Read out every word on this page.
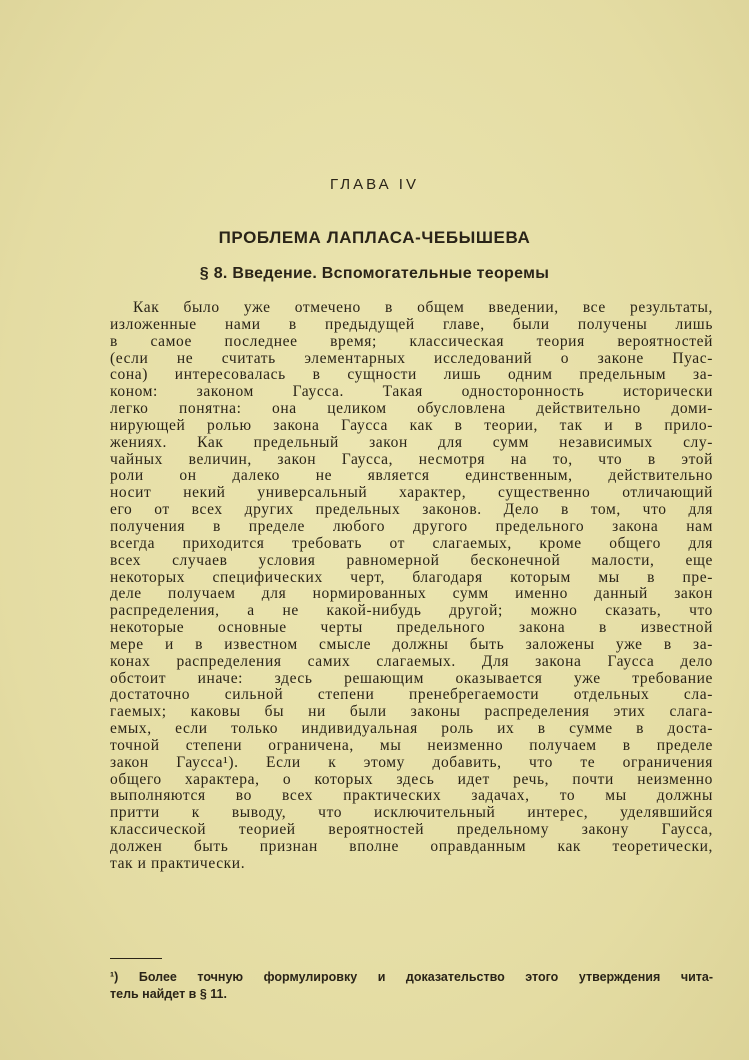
ГЛАВА IV
ПРОБЛЕМА ЛАПЛАСА-ЧЕБЫШЕВА
§ 8. Введение. Вспомогательные теоремы
Как было уже отмечено в общем введении, все результаты,
изложенные нами в предыдущей главе, были получены лишь
в самое последнее время; классическая теория вероятностей
(если не считать элементарных исследований о законе Пуас-
сона) интересовалась в сущности лишь одним предельным за-
коном: законом Гаусса. Такая односторонность исторически
легко понятна: она целиком обусловлена действительно доми-
нирующей ролью закона Гаусса как в теории, так и в прило-
жениях. Как предельный закон для сумм независимых слу-
чайных величин, закон Гаусса, несмотря на то, что в этой
роли он далеко не является единственным, действительно
носит некий универсальный характер, существенно отличающий
его от всех других предельных законов. Дело в том, что для
получения в пределе любого другого предельного закона нам
всегда приходится требовать от слагаемых, кроме общего для
всех случаев условия равномерной бесконечной малости, еще
некоторых специфических черт, благодаря которым мы в пре-
деле получаем для нормированных сумм именно данный закон
распределения, а не какой-нибудь другой; можно сказать, что
некоторые основные черты предельного закона в известной
мере и в известном смысле должны быть заложены уже в за-
конах распределения самих слагаемых. Для закона Гаусса дело
обстоит иначе: здесь решающим оказывается уже требование
достаточно сильной степени пренебрегаемости отдельных сла-
гаемых; каковы бы ни были законы распределения этих слага-
емых, если только индивидуальная роль их в сумме в доста-
точной степени ограничена, мы неизменно получаем в пределе
закон Гаусса¹). Если к этому добавить, что те ограничения
общего характера, о которых здесь идет речь, почти неизменно
выполняются во всех практических задачах, то мы должны
притти к выводу, что исключительный интерес, уделявшийся
классической теорией вероятностей предельному закону Гаусса,
должен быть признан вполне оправданным как теоретически,
так и практически.
¹) Более точную формулировку и доказательство этого утверждения чита-
тель найдет в § 11.
